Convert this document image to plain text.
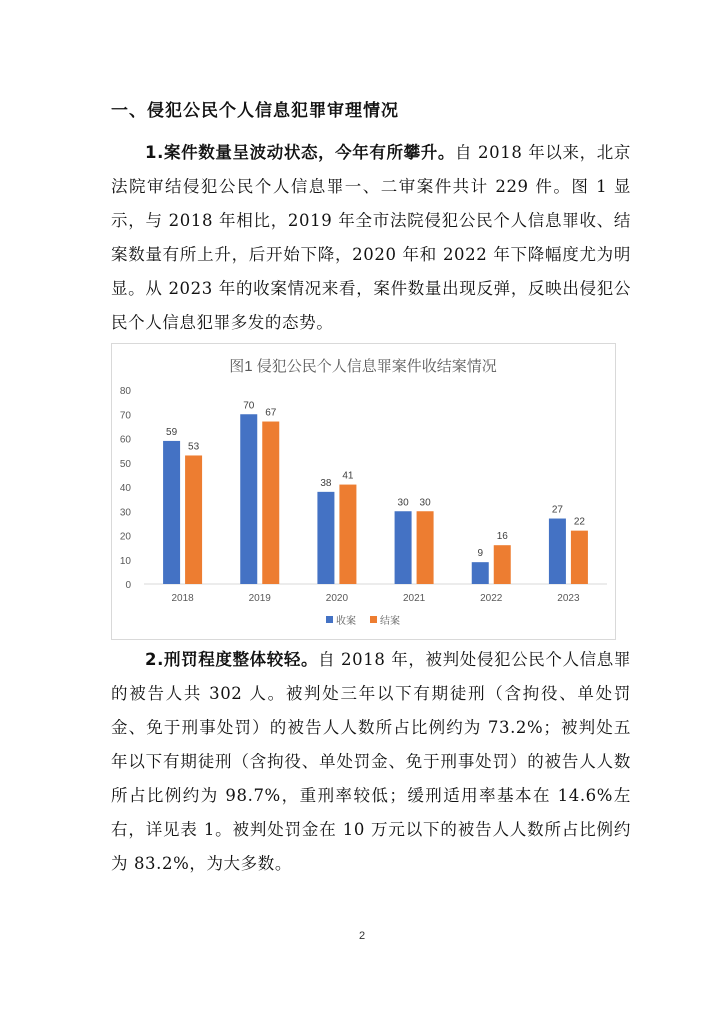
一、侵犯公民个人信息犯罪审理情况

1.案件数量呈波动状态，今年有所攀升。自 2018 年以来，北京法院审结侵犯公民个人信息罪一、二审案件共计 229 件。图 1 显示，与 2018 年相比，2019 年全市法院侵犯公民个人信息罪收、结案数量有所上升，后开始下降，2020 年和 2022 年下降幅度尤为明显。从 2023 年的收案情况来看，案件数量出现反弹，反映出侵犯公民个人信息犯罪多发的态势。

图1 侵犯公民个人信息罪案件收结案情况
0
10
20
30
40
50
60
70
80
59
53
2018
70
67
2019
38
41
2020
30 30
2021
9
16
2022
27
22
2023
收案 结案

2.刑罚程度整体较轻。自 2018 年，被判处侵犯公民个人信息罪的被告人共 302 人。被判处三年以下有期徒刑（含拘役、单处罚金、免于刑事处罚）的被告人人数所占比例约为 73.2%；被判处五年以下有期徒刑（含拘役、单处罚金、免于刑事处罚）的被告人人数所占比例约为 98.7%，重刑率较低；缓刑适用率基本在 14.6%左右，详见表 1。被判处罚金在 10 万元以下的被告人人数所占比例约为 83.2%，为大多数。

2
